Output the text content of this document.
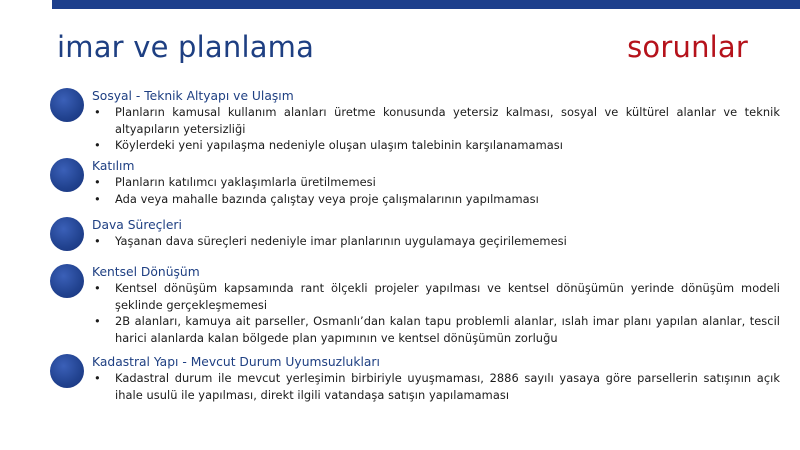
imar ve planlama	sorunlar
Sosyal - Teknik Altyapı ve Ulaşım
• Planların kamusal kullanım alanları üretme konusunda yetersiz kalması, sosyal ve kültürel alanlar ve teknik altyapıların yetersizliği
• Köylerdeki yeni yapılaşma nedeniyle oluşan ulaşım talebinin karşılanamaması
Katılım
• Planların katılımcı yaklaşımlarla üretilmemesi
• Ada veya mahalle bazında çalıştay veya proje çalışmalarının yapılmaması
Dava Süreçleri
• Yaşanan dava süreçleri nedeniyle imar planlarının uygulamaya geçirilememesi
Kentsel Dönüşüm
• Kentsel dönüşüm kapsamında rant ölçekli projeler yapılması ve kentsel dönüşümün yerinde dönüşüm modeli şeklinde gerçekleşmemesi
• 2B alanları, kamuya ait parseller, Osmanlı’dan kalan tapu problemli alanlar, ıslah imar planı yapılan alanlar, tescil harici alanlarda kalan bölgede plan yapımının ve kentsel dönüşümün zorluğu
Kadastral Yapı - Mevcut Durum Uyumsuzlukları
• Kadastral durum ile mevcut yerleşimin birbiriyle uyuşmaması, 2886 sayılı yasaya göre parsellerin satışının açık ihale usulü ile yapılması, direkt ilgili vatandaşa satışın yapılamaması
